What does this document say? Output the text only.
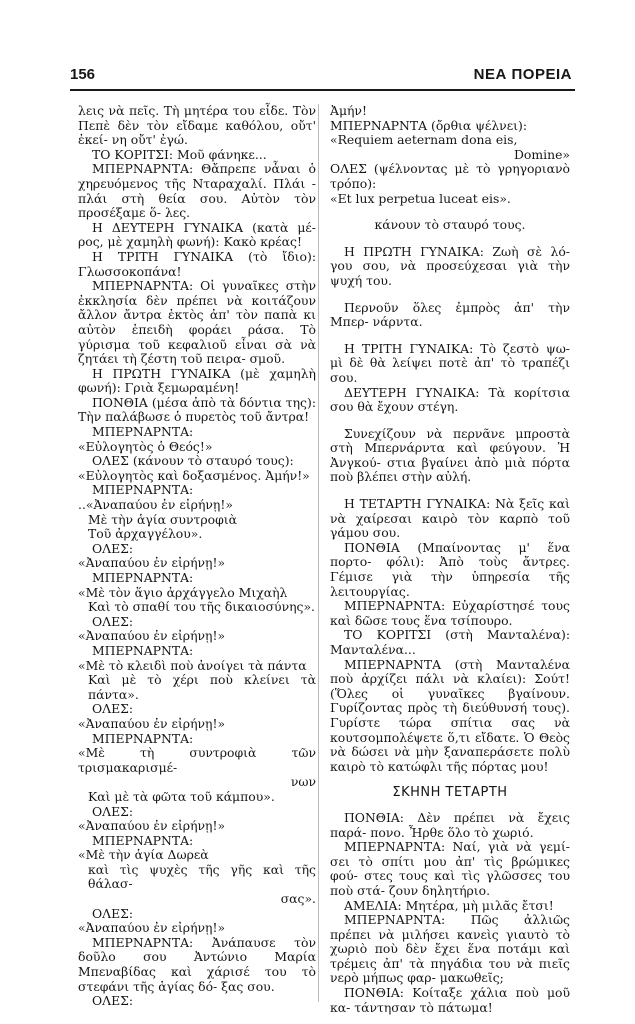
156	ΝΕΑ ΠΟΡΕΙΑ

λεις νὰ πεῖς. Τὴ μητέρα του εἶδε. Τὸν Πεπὲ δὲν τὸν εἴδαμε καθόλου, οὔτ' ἐκεί- νη οὔτ' ἐγώ.

ΤΟ ΚΟΡΙΤΣΙ: Μοῦ φάνηκε...

ΜΠΕΡΝΑΡΝΤΑ: Θἄπρεπε νἆναι ὁ χηρευόμενος τῆς Νταραχαλί. Πλάι - πλάι στὴ θεία σου. Αὐτὸν τὸν προσέξαμε ὅ- λες.

Η ΔΕΥΤΕΡΗ ΓΥΝΑΙΚΑ (κατὰ μέ- ρος, μὲ χαμηλὴ φωνή): Κακὸ κρέας!

Η ΤΡΙΤΗ ΓΥΝΑΙΚΑ (τὸ ἴδιο): Γλωσσοκοπάνα!

ΜΠΕΡΝΑΡΝΤΑ: Οἱ γυναῖκες στὴν ἐκκλησία δὲν πρέπει νὰ κοιτάζουν ἄλλον ἄντρα ἐκτὸς ἀπ' τὸν παπὰ κι αὐτὸν ἐπειδὴ φοράει ράσα. Τὸ γύρισμα τοῦ κεφαλιοῦ εἶναι σὰ νὰ ζητάει τὴ ζέστη τοῦ πειρα- σμοῦ.

Η ΠΡΩΤΗ ΓΥΝΑΙΚΑ (μὲ χαμηλὴ φωνή): Γριὰ ξεμωραμένη!

ΠΟΝΘΙΑ (μέσα ἀπὸ τὰ δόντια της): Τὴν παλάβωσε ὁ πυρετὸς τοῦ ἄντρα!

ΜΠΕΡΝΑΡΝΤΑ:

«Εὐλογητὸς ὁ Θεός!»

ΟΛΕΣ (κάνουν τὸ σταυρό τους):

«Εὐλογητὸς καὶ δοξασμένος. Ἀμήν!»

ΜΠΕΡΝΑΡΝΤΑ:

..«Ἀναπαύου ἐν εἰρήνῃ!»

Μὲ τὴν ἁγία συντροφιὰ

Τοῦ ἀρχαγγέλου».

ΟΛΕΣ:

«Ἀναπαύου ἐν εἰρήνῃ!»

ΜΠΕΡΝΑΡΝΤΑ:

«Μὲ τὸν ἅγιο ἀρχάγγελο Μιχαὴλ

Καὶ τὸ σπαθί του τῆς δικαιοσύνης».

ΟΛΕΣ:

«Ἀναπαύου ἐν εἰρήνῃ!»

ΜΠΕΡΝΑΡΝΤΑ:

«Μὲ τὸ κλειδὶ ποὺ ἀνοίγει τὰ πάντα

Καὶ μὲ τὸ χέρι ποὺ κλείνει τὰ πάντα».

ΟΛΕΣ:

«Ἀναπαύου ἐν εἰρήνῃ!»

ΜΠΕΡΝΑΡΝΤΑ:

«Μὲ τὴ συντροφιὰ τῶν τρισμακαρισμέ-

νων

Καὶ μὲ τὰ φῶτα τοῦ κάμπου».

ΟΛΕΣ:

«Ἀναπαύου ἐν εἰρήνῃ!»

ΜΠΕΡΝΑΡΝΤΑ:

«Μὲ τὴν ἁγία Δωρεὰ

καὶ τὶς ψυχὲς τῆς γῆς καὶ τῆς θάλασ-

σας».

ΟΛΕΣ:

«Ἀναπαύου ἐν εἰρήνῃ!»

ΜΠΕΡΝΑΡΝΤΑ: Ἀνάπαυσε τὸν δοῦλο σου Ἀντώνιο Μαρία Μπεναβίδας καὶ χάρισέ του τὸ στεφάνι τῆς ἁγίας δό- ξας σου.

ΟΛΕΣ:

Ἀμήν!

ΜΠΕΡΝΑΡΝΤΑ (ὄρθια ψέλνει):

«Requiem aeternam dona eis,

Domine»

ΟΛΕΣ (ψέλνοντας μὲ τὸ γρηγοριανὸ τρόπο):

«Et lux perpetua luceat eis».

κάνουν τὸ σταυρό τους.

Η ΠΡΩΤΗ ΓΥΝΑΙΚΑ: Ζωὴ σὲ λό- γου σου, νὰ προσεύχεσαι γιὰ τὴν ψυχή του.

Περνοῦν ὅλες ἐμπρὸς ἀπ' τὴν Μπερ- νάρντα.

Η ΤΡΙΤΗ ΓΥΝΑΙΚΑ: Τὸ ζεστὸ ψω- μὶ δὲ θὰ λείψει ποτὲ ἀπ' τὸ τραπέζι σου.

ΔΕΥΤΕΡΗ ΓΥΝΑΙΚΑ: Τὰ κορίτσια σου θὰ ἔχουν στέγη.

Συνεχίζουν νὰ περνᾶνε μπροστὰ στὴ Μπερνάρντα καὶ φεύγουν. Ἡ Ἀνγκού- στια βγαίνει ἀπὸ μιὰ πόρτα ποὺ βλέπει στὴν αὐλή.

Η ΤΕΤΑΡΤΗ ΓΥΝΑΙΚΑ: Νὰ ξεῖς καὶ νὰ χαίρεσαι καιρὸ τὸν καρπὸ τοῦ γάμου σου.

ΠΟΝΘΙΑ (Μπαίνοντας μ' ἕνα πορτο- φόλι): Ἀπὸ τοὺς ἄντρες. Γέμισε γιὰ τὴν ὑπηρεσία τῆς λειτουργίας.

ΜΠΕΡΝΑΡΝΤΑ: Εὐχαρίστησέ τους καὶ δῶσε τους ἕνα τσίπουρο.

ΤΟ ΚΟΡΙΤΣΙ (στὴ Μανταλένα): Μανταλένα...

ΜΠΕΡΝΑΡΝΤΑ (στὴ Μανταλένα ποὺ ἀρχίζει πάλι νὰ κλαίει): Σούτ! (Ὅλες οἱ γυναῖκες βγαίνουν. Γυρίζοντας πρὸς τὴ διεύθυνσή τους). Γυρίστε τώρα σπίτια σας νὰ κουτσομπολέψετε ὅ,τι εἴδατε. Ὁ Θεὸς νὰ δώσει νὰ μὴν ξαναπεράσετε πολὺ καιρὸ τὸ κατώφλι τῆς πόρτας μου!

ΣΚΗΝΗ ΤΕΤΑΡΤΗ

ΠΟΝΘΙΑ: Δὲν πρέπει νὰ ἔχεις παρά- πονο. Ἦρθε ὅλο τὸ χωριό.

ΜΠΕΡΝΑΡΝΤΑ: Ναί, γιὰ νὰ γεμί- σει τὸ σπίτι μου ἀπ' τὶς βρώμικες φού- στες τους καὶ τὶς γλῶσσες του ποὺ στά- ζουν δηλητήριο.

ΑΜΕΛΙΑ: Μητέρα, μὴ μιλᾶς ἔτσι!

ΜΠΕΡΝΑΡΝΤΑ: Πῶς ἀλλιῶς πρέπει νὰ μιλήσει κανεὶς γιαυτὸ τὸ χωριὸ ποὺ δὲν ἔχει ἕνα ποτάμι καὶ τρέμεις ἀπ' τὰ πηγάδια του νὰ πιεῖς νερὸ μήπως φαρ- μακωθεῖς;

ΠΟΝΘΙΑ: Κοίταξε χάλια ποὺ μοῦ κα- τάντησαν τὸ πάτωμα!
